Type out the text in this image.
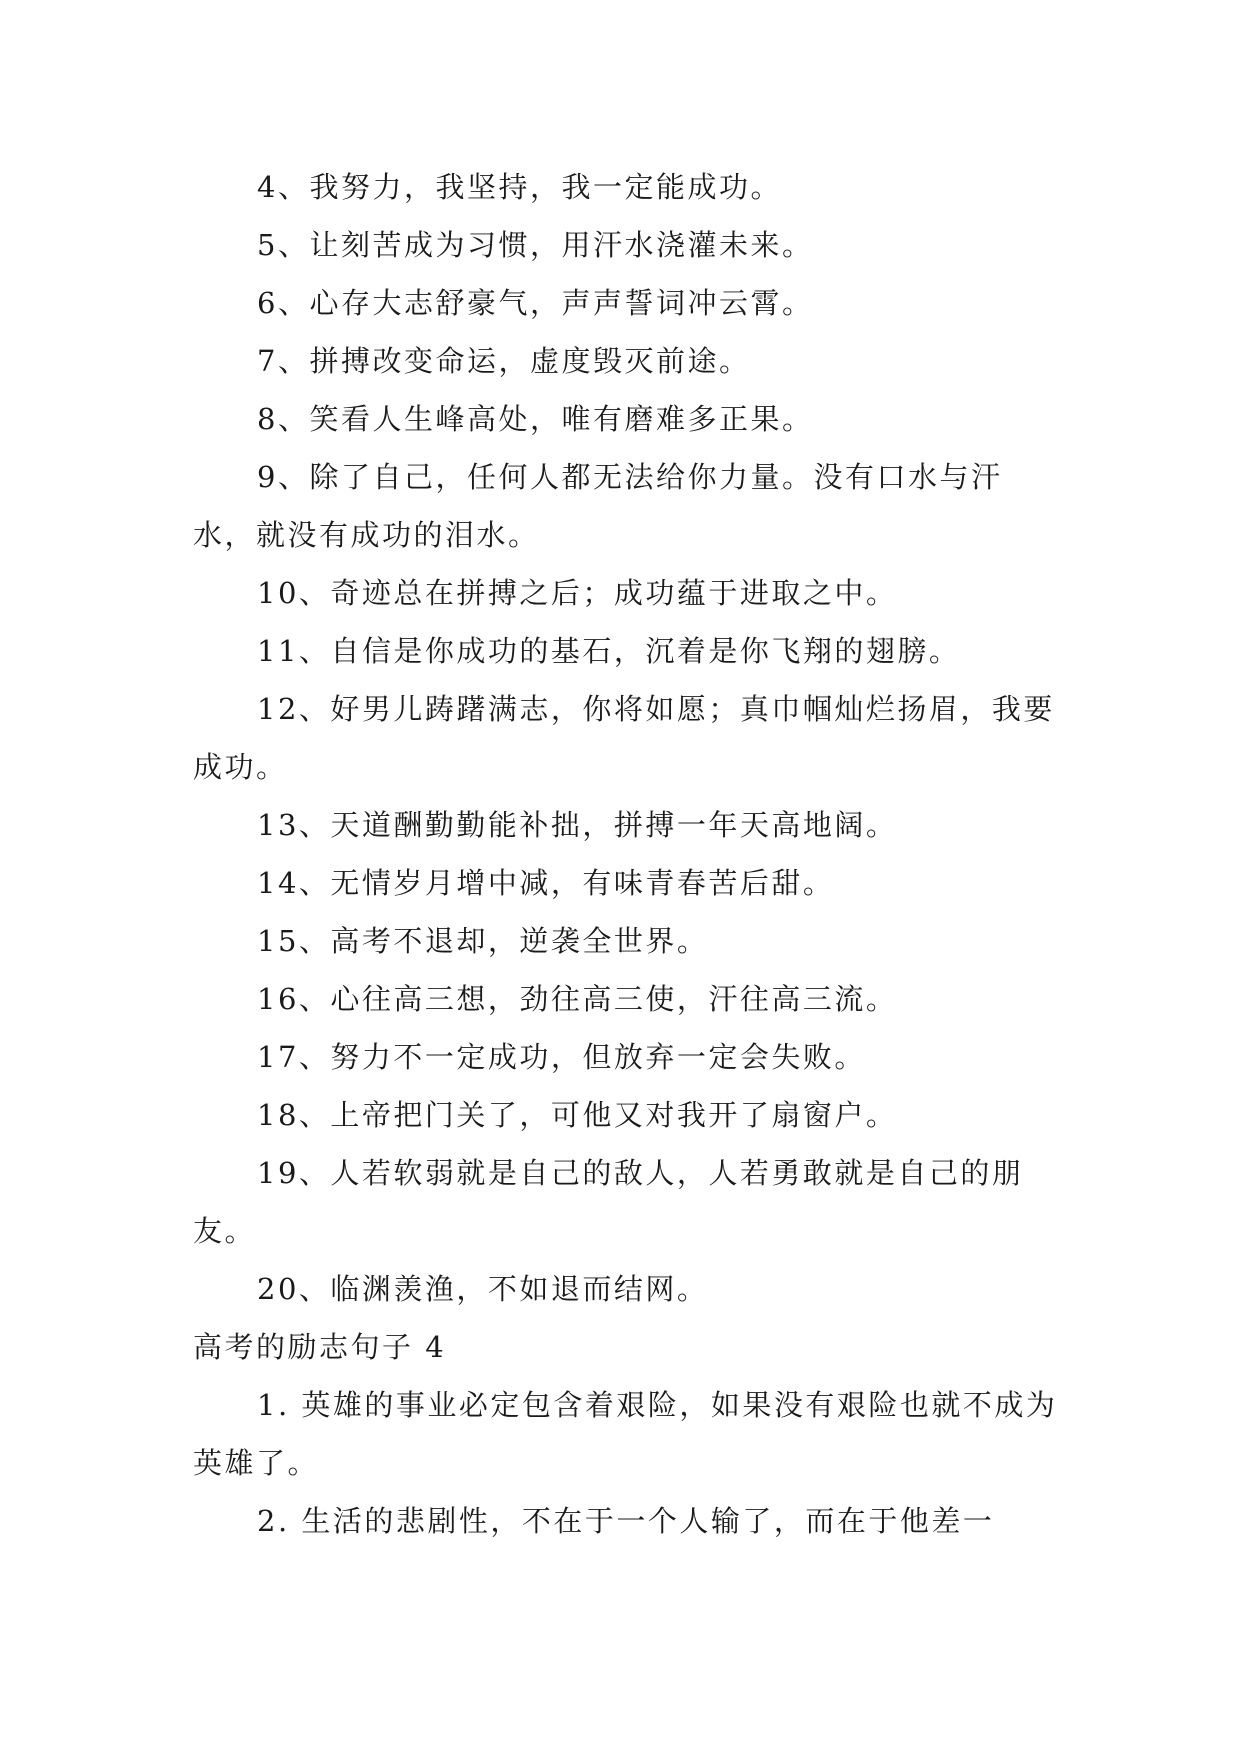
4、我努力，我坚持，我一定能成功。

5、让刻苦成为习惯，用汗水浇灌未来。

6、心存大志舒豪气，声声誓词冲云霄。

7、拼搏改变命运，虚度毁灭前途。

8、笑看人生峰高处，唯有磨难多正果。

9、除了自己，任何人都无法给你力量。没有口水与汗水，就没有成功的泪水。

10、奇迹总在拼搏之后；成功蕴于进取之中。

11、自信是你成功的基石，沉着是你飞翔的翅膀。

12、好男儿踌躇满志，你将如愿；真巾帼灿烂扬眉，我要成功。

13、天道酬勤勤能补拙，拼搏一年天高地阔。

14、无情岁月增中减，有味青春苦后甜。

15、高考不退却，逆袭全世界。

16、心往高三想，劲往高三使，汗往高三流。

17、努力不一定成功，但放弃一定会失败。

18、上帝把门关了，可他又对我开了扇窗户。

19、人若软弱就是自己的敌人，人若勇敢就是自己的朋友。

20、临渊羡渔，不如退而结网。

高考的励志句子 4

1. 英雄的事业必定包含着艰险，如果没有艰险也就不成为英雄了。

2. 生活的悲剧性，不在于一个人输了，而在于他差一
